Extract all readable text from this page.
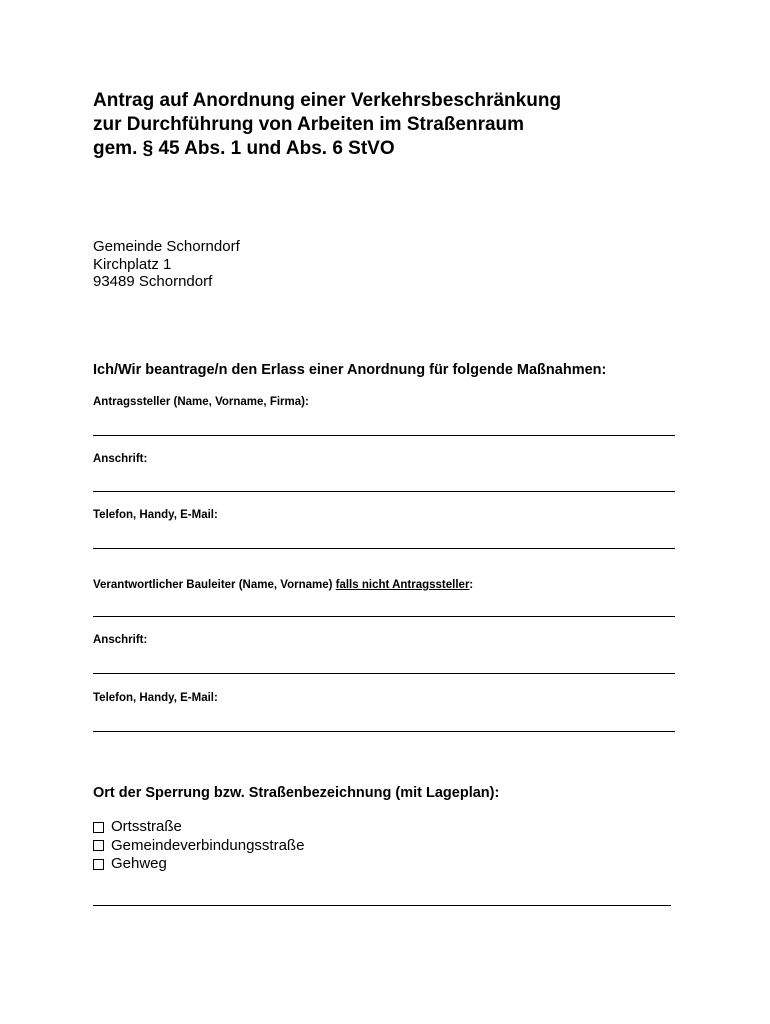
Antrag auf Anordnung einer Verkehrsbeschränkung
zur Durchführung von Arbeiten im Straßenraum
gem. § 45 Abs. 1 und Abs. 6 StVO
Gemeinde Schorndorf
Kirchplatz 1
93489 Schorndorf
Ich/Wir beantrage/n den Erlass einer Anordnung für folgende Maßnahmen:
Antragssteller (Name, Vorname, Firma):
Anschrift:
Telefon, Handy, E-Mail:
Verantwortlicher Bauleiter (Name, Vorname) falls nicht Antragssteller:
Anschrift:
Telefon, Handy, E-Mail:
Ort der Sperrung bzw. Straßenbezeichnung (mit Lageplan):
Ortsstraße
Gemeindeverbindungsstraße
Gehweg
